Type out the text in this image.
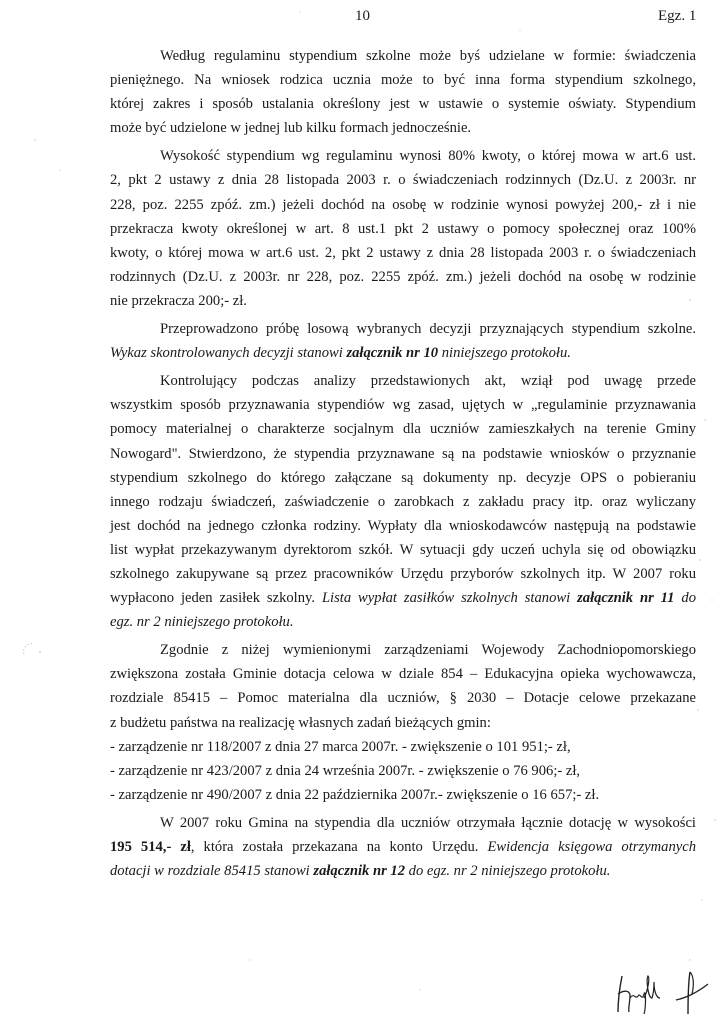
10	Egz. 1

Według regulaminu stypendium szkolne może byś udzielane w formie: świadczenia
pieniężnego. Na wniosek rodzica ucznia może to być inna forma stypendium szkolnego,
której zakres i sposób ustalania określony jest w ustawie o systemie oświaty. Stypendium
może być udzielone w jednej lub kilku formach jednocześnie.

Wysokość stypendium wg regulaminu wynosi 80% kwoty, o której mowa w art.6 ust.
2, pkt 2 ustawy z dnia 28 listopada 2003 r. o świadczeniach rodzinnych (Dz.U. z 2003r. nr
228, poz. 2255 zpóź. zm.) jeżeli dochód na osobę w rodzinie wynosi powyżej 200,- zł i nie
przekracza kwoty określonej w art. 8 ust.1 pkt 2 ustawy o pomocy społecznej oraz 100%
kwoty, o której mowa w art.6 ust. 2, pkt 2 ustawy z dnia 28 listopada 2003 r. o świadczeniach
rodzinnych (Dz.U. z 2003r. nr 228, poz. 2255 zpóź. zm.) jeżeli dochód na osobę w rodzinie
nie przekracza 200;- zł.

Przeprowadzono próbę losową wybranych decyzji przyznających stypendium szkolne.
Wykaz skontrolowanych decyzji stanowi załącznik nr 10 niniejszego protokołu.

Kontrolujący podczas analizy przedstawionych akt, wziął pod uwagę przede
wszystkim sposób przyznawania stypendiów wg zasad, ujętych w „regulaminie przyznawania
pomocy materialnej o charakterze socjalnym dla uczniów zamieszkałych na terenie Gminy
Nowogard". Stwierdzono, że stypendia przyznawane są na podstawie wniosków o przyznanie
stypendium szkolnego do którego załączane są dokumenty np. decyzje OPS o pobieraniu
innego rodzaju świadczeń, zaświadczenie o zarobkach z zakładu pracy itp. oraz wyliczany
jest dochód na jednego członka rodziny. Wypłaty dla wnioskodawców następują na podstawie
list wypłat przekazywanym dyrektorom szkół. W sytuacji gdy uczeń uchyla się od obowiązku
szkolnego zakupywane są przez pracowników Urzędu przyborów szkolnych itp. W 2007 roku
wypłacono jeden zasiłek szkolny. Lista wypłat zasiłków szkolnych stanowi załącznik nr 11 do
egz. nr 2 niniejszego protokołu.

Zgodnie z niżej wymienionymi zarządzeniami Wojewody Zachodniopomorskiego
zwiększona została Gminie dotacja celowa w dziale 854 – Edukacyjna opieka wychowawcza,
rozdziale 85415 – Pomoc materialna dla uczniów, § 2030 – Dotacje celowe przekazane
z budżetu państwa na realizację własnych zadań bieżących gmin:

- zarządzenie nr 118/2007 z dnia 27 marca 2007r. - zwiększenie o 101 951;- zł,

- zarządzenie nr 423/2007 z dnia 24 września 2007r. - zwiększenie o 76 906;- zł,

- zarządzenie nr 490/2007 z dnia 22 października 2007r.- zwiększenie o 16 657;- zł.

W 2007 roku Gmina na stypendia dla uczniów otrzymała łącznie dotację w wysokości
195 514,- zł, która została przekazana na konto Urzędu. Ewidencja księgowa otrzymanych
dotacji w rozdziale 85415 stanowi załącznik nr 12 do egz. nr 2 niniejszego protokołu.
